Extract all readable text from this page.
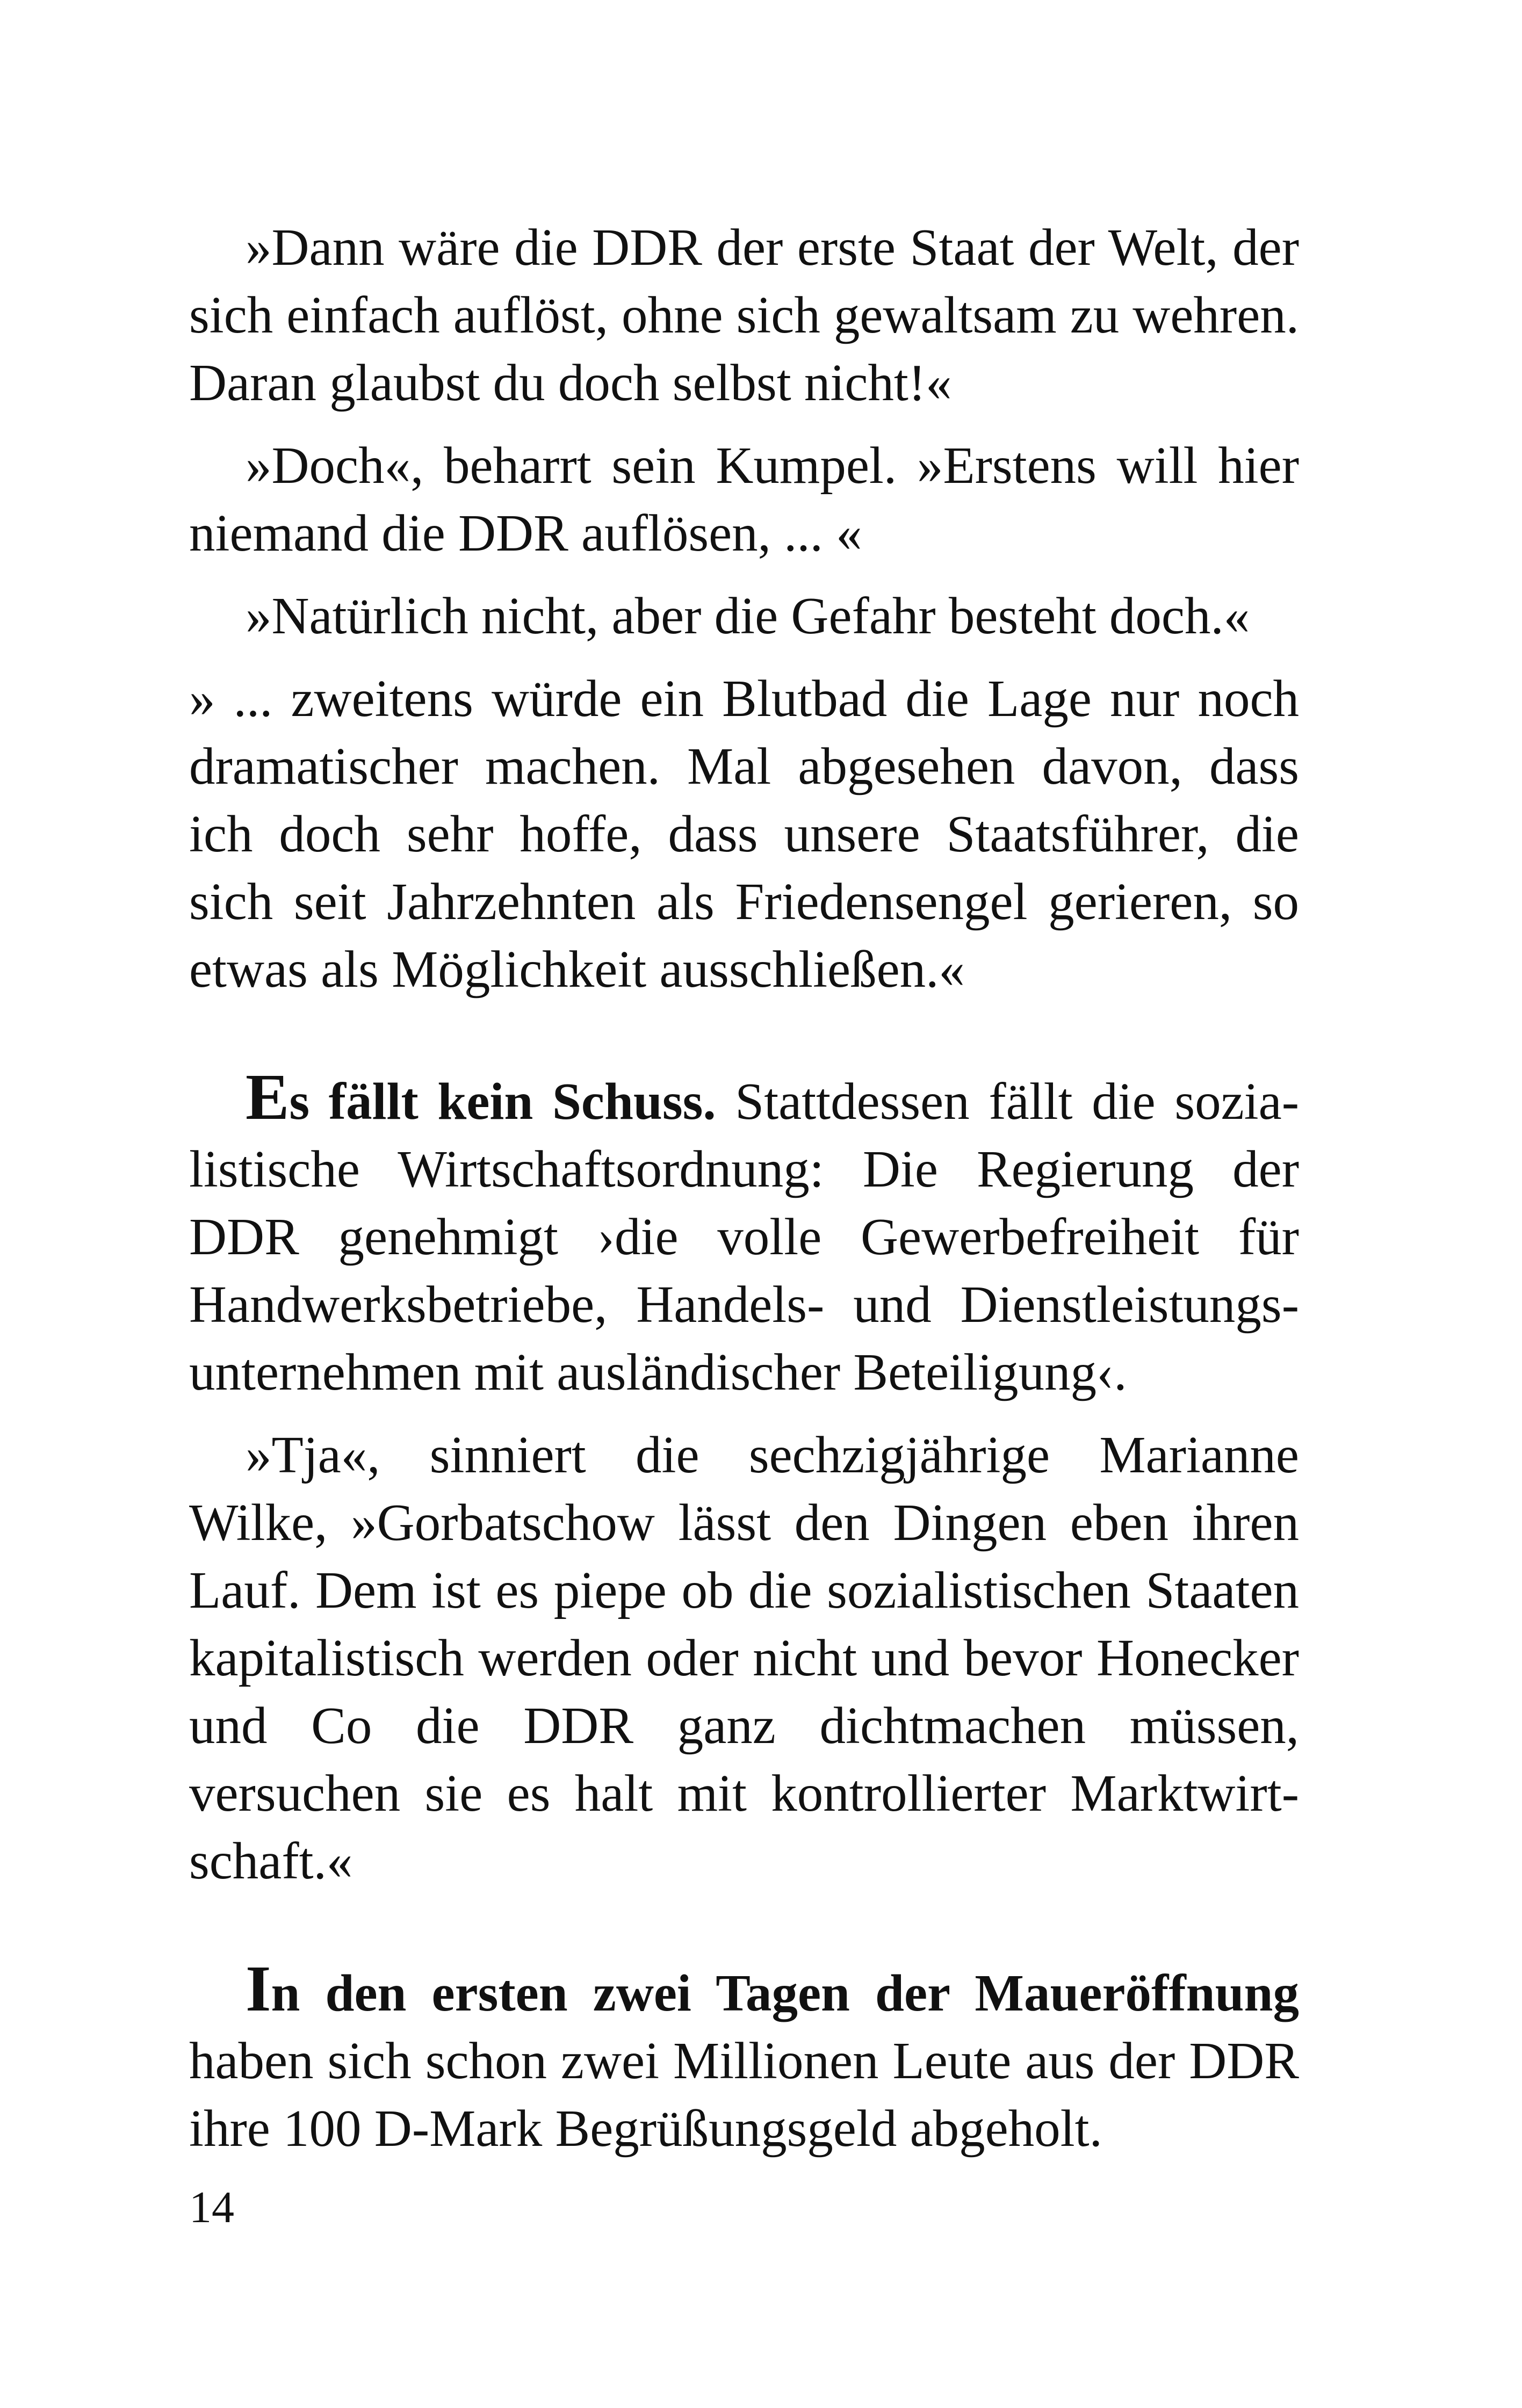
»Dann wäre die DDR der erste Staat der Welt, der sich einfach auflöst, ohne sich gewaltsam zu wehren. Daran glaubst du doch selbst nicht!«

»Doch«, beharrt sein Kumpel. »Erstens will hier niemand die DDR auflösen, ... «

»Natürlich nicht, aber die Gefahr besteht doch.«

» ... zweitens würde ein Blutbad die Lage nur noch dramatischer machen. Mal abgesehen davon, dass ich doch sehr hoffe, dass unsere Staatsführer, die sich seit Jahrzehnten als Friedensengel gerieren, so etwas als Möglichkeit ausschließen.«

Es fällt kein Schuss. Stattdessen fällt die sozialistische Wirtschaftsordnung: Die Regierung der DDR genehmigt ›die volle Gewerbefreiheit für Handwerksbetriebe, Handels- und Dienstleistungsunternehmen mit ausländischer Beteiligung‹.

»Tja«, sinniert die sechzigjährige Marianne Wilke, »Gorbatschow lässt den Dingen eben ihren Lauf. Dem ist es piepe ob die sozialistischen Staaten kapitalistisch werden oder nicht und bevor Honecker und Co die DDR ganz dichtmachen müssen, versuchen sie es halt mit kontrollierter Marktwirtschaft.«

In den ersten zwei Tagen der Maueröffnung haben sich schon zwei Millionen Leute aus der DDR ihre 100 D-Mark Begrüßungsgeld abgeholt.

14
